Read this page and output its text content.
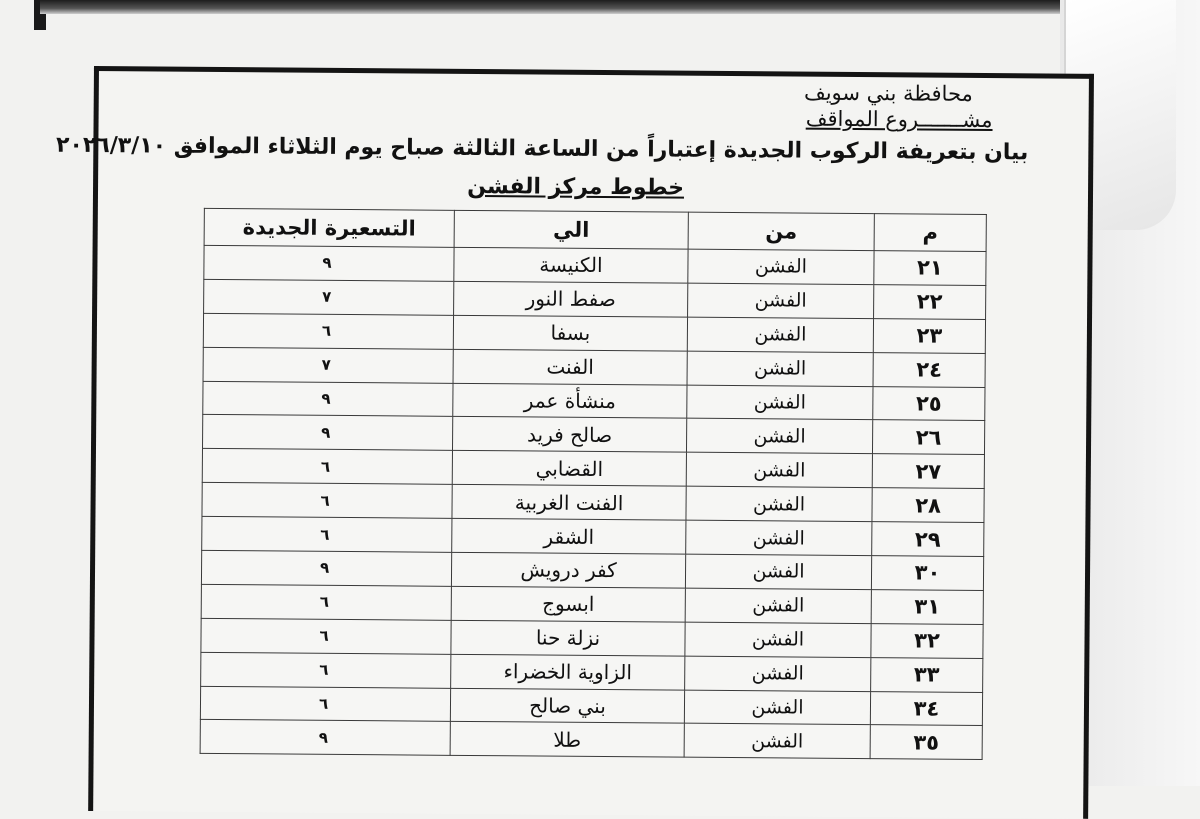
محافظة بني سويف
مشـــــــروع المواقف
بيان بتعريفة الركوب الجديدة إعتباراً من الساعة الثالثة صباح يوم الثلاثاء الموافق ٢٠٢٦/٣/١٠
خطوط مركز الفشن
م	من	الي	التسعيرة الجديدة
٢١	الفشن	الكنيسة	٩
٢٢	الفشن	صفط النور	٧
٢٣	الفشن	بسفا	٦
٢٤	الفشن	الفنت	٧
٢٥	الفشن	منشأة عمر	٩
٢٦	الفشن	صالح فريد	٩
٢٧	الفشن	القضابي	٦
٢٨	الفشن	الفنت الغربية	٦
٢٩	الفشن	الشقر	٦
٣٠	الفشن	كفر درويش	٩
٣١	الفشن	ابسوج	٦
٣٢	الفشن	نزلة حنا	٦
٣٣	الفشن	الزاوية الخضراء	٦
٣٤	الفشن	بني صالح	٦
٣٥	الفشن	طلا	٩
